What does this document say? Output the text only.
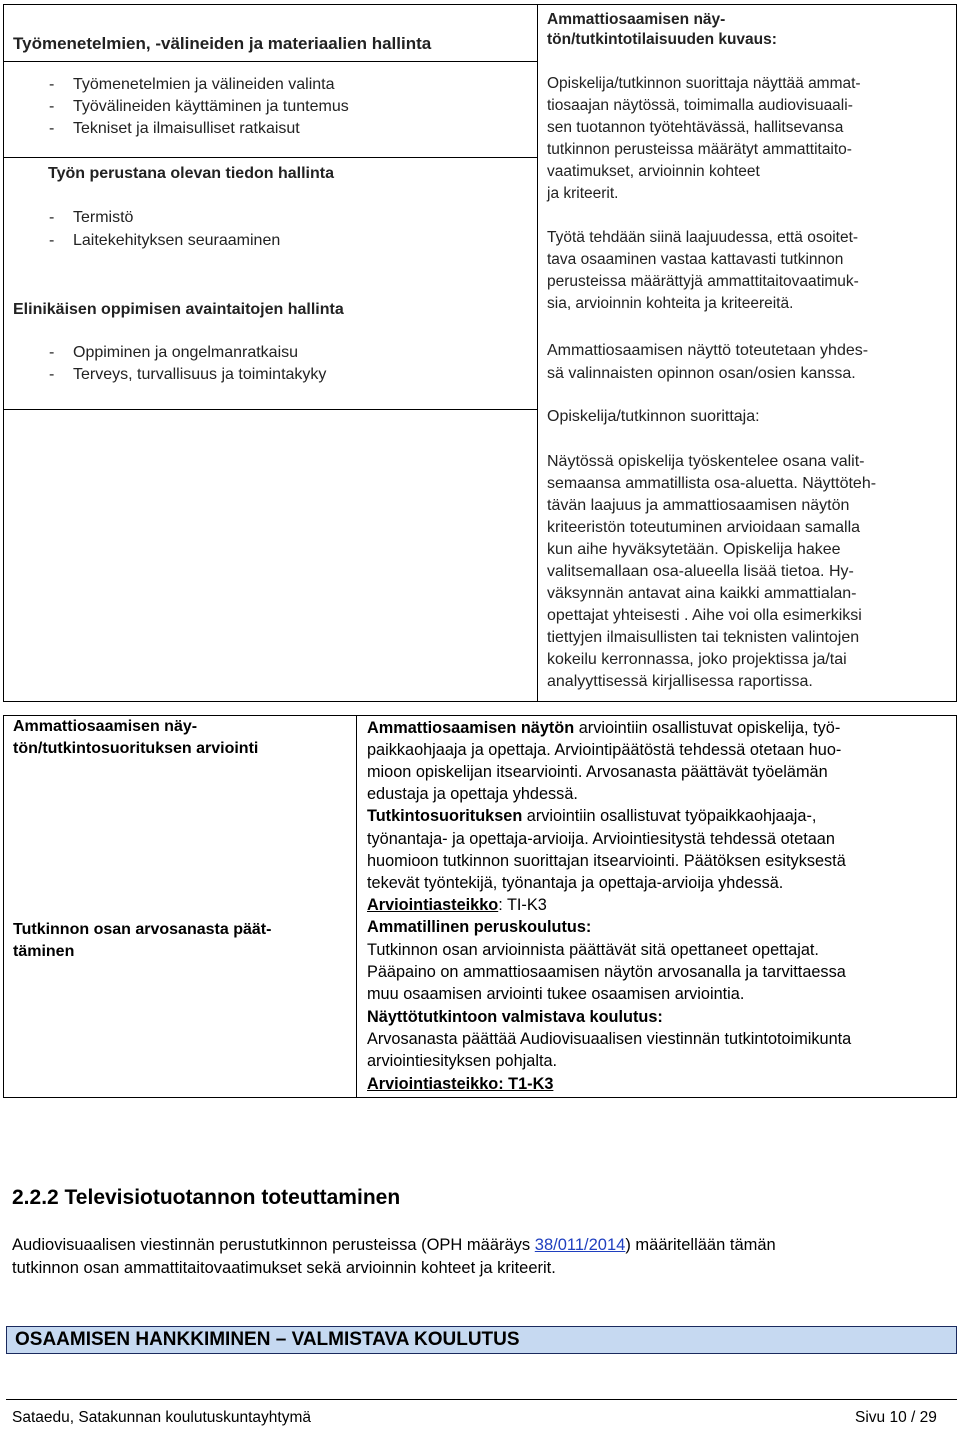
Työmenetelmien, -välineiden ja materiaalien hallinta
- Työmenetelmien ja välineiden valinta
- Työvälineiden käyttäminen ja tuntemus
- Tekniset ja ilmaisulliset ratkaisut
Työn perustana olevan tiedon hallinta
- Termistö
- Laitekehityksen seuraaminen
Elinikäisen oppimisen avaintaitojen hallinta
- Oppiminen ja ongelmanratkaisu
- Terveys, turvallisuus ja toimintakyky
Ammattiosaamisen näy-
tön/tutkintotilaisuuden kuvaus:
Opiskelija/tutkinnon suorittaja näyttää ammat-
tiosaajan näytössä, toimimalla audiovisuaali-
sen tuotannon työtehtävässä, hallitsevansa
tutkinnon perusteissa määrätyt ammattitaito-
vaatimukset, arvioinnin kohteet
ja kriteerit.
Työtä tehdään siinä laajuudessa, että osoitet-
tava osaaminen vastaa kattavasti tutkinnon
perusteissa määrättyjä ammattitaitovaatimuk-
sia, arvioinnin kohteita ja kriteereitä.
Ammattiosaamisen näyttö toteutetaan yhdes-
sä valinnaisten opinnon osan/osien kanssa.
Opiskelija/tutkinnon suorittaja:
Näytössä opiskelija työskentelee osana valit-
semaansa ammatillista osa-aluetta. Näyttöteh-
tävän laajuus ja ammattiosaamisen näytön
kriteeristön toteutuminen arvioidaan samalla
kun aihe hyväksytetään. Opiskelija hakee
valitsemallaan osa-alueella lisää tietoa. Hy-
väksynnän antavat aina kaikki ammattialan-
opettajat yhteisesti . Aihe voi olla esimerkiksi
tiettyjen ilmaisullisten tai teknisten valintojen
kokeilu kerronnassa, joko projektissa ja/tai
analyyttisessä kirjallisessa raportissa.
Ammattiosaamisen näy-
tön/tutkintosuorituksen arviointi
Tutkinnon osan arvosanasta päät-
täminen
Ammattiosaamisen näytön arviointiin osallistuvat opiskelija, työ-
paikkaohjaaja ja opettaja. Arviointipäätöstä tehdessä otetaan huo-
mioon opiskelijan itsearviointi. Arvosanasta päättävät työelämän
edustaja ja opettaja yhdessä.
Tutkintosuorituksen arviointiin osallistuvat työpaikkaohjaaja-,
työnantaja- ja opettaja-arvioija. Arviointiesitystä tehdessä otetaan
huomioon tutkinnon suorittajan itsearviointi. Päätöksen esityksestä
tekevät työntekijä, työnantaja ja opettaja-arvioija yhdessä.
Arviointiasteikko: TI-K3
Ammatillinen peruskoulutus:
Tutkinnon osan arvioinnista päättävät sitä opettaneet opettajat.
Pääpaino on ammattiosaamisen näytön arvosanalla ja tarvittaessa
muu osaamisen arviointi tukee osaamisen arviointia.
Näyttötutkintoon valmistava koulutus:
Arvosanasta päättää Audiovisuaalisen viestinnän tutkintotoimikunta
arviointiesityksen pohjalta.
Arviointiasteikko: T1-K3
2.2.2 Televisiotuotannon toteuttaminen
Audiovisuaalisen viestinnän perustutkinnon perusteissa (OPH määräys 38/011/2014) määritellään tämän
tutkinnon osan ammattitaitovaatimukset sekä arvioinnin kohteet ja kriteerit.
OSAAMISEN HANKKIMINEN – VALMISTAVA KOULUTUS
Sataedu, Satakunnan koulutuskuntayhtymä	Sivu 10 / 29
